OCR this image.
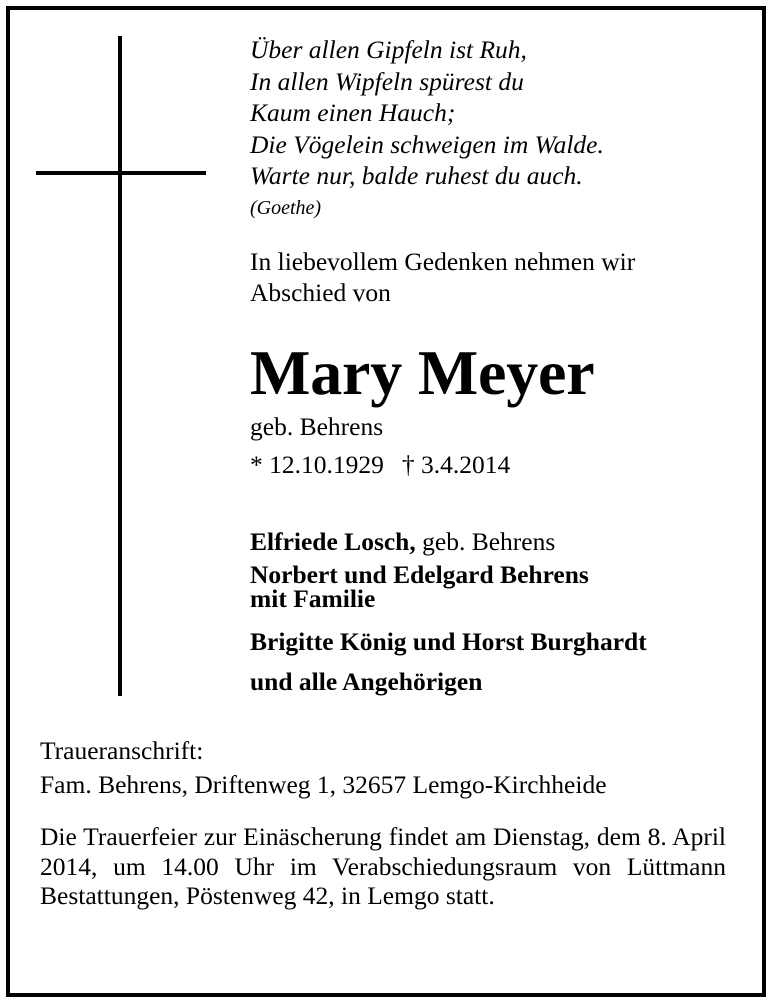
Über allen Gipfeln ist Ruh,
In allen Wipfeln spürest du
Kaum einen Hauch;
Die Vögelein schweigen im Walde.
Warte nur, balde ruhest du auch.
(Goethe)
In liebevollem Gedenken nehmen wir
Abschied von
Mary Meyer
geb. Behrens
* 12.10.1929 † 3.4.2014
Elfriede Losch, geb. Behrens
Norbert und Edelgard Behrens
mit Familie
Brigitte König und Horst Burghardt
und alle Angehörigen
Traueranschrift:
Fam. Behrens, Driftenweg 1, 32657 Lemgo-Kirchheide
Die Trauerfeier zur Einäscherung findet am Dienstag, dem 8. April 2014, um 14.00 Uhr im Verabschiedungsraum von Lüttmann Bestattungen, Pöstenweg 42, in Lemgo statt.
